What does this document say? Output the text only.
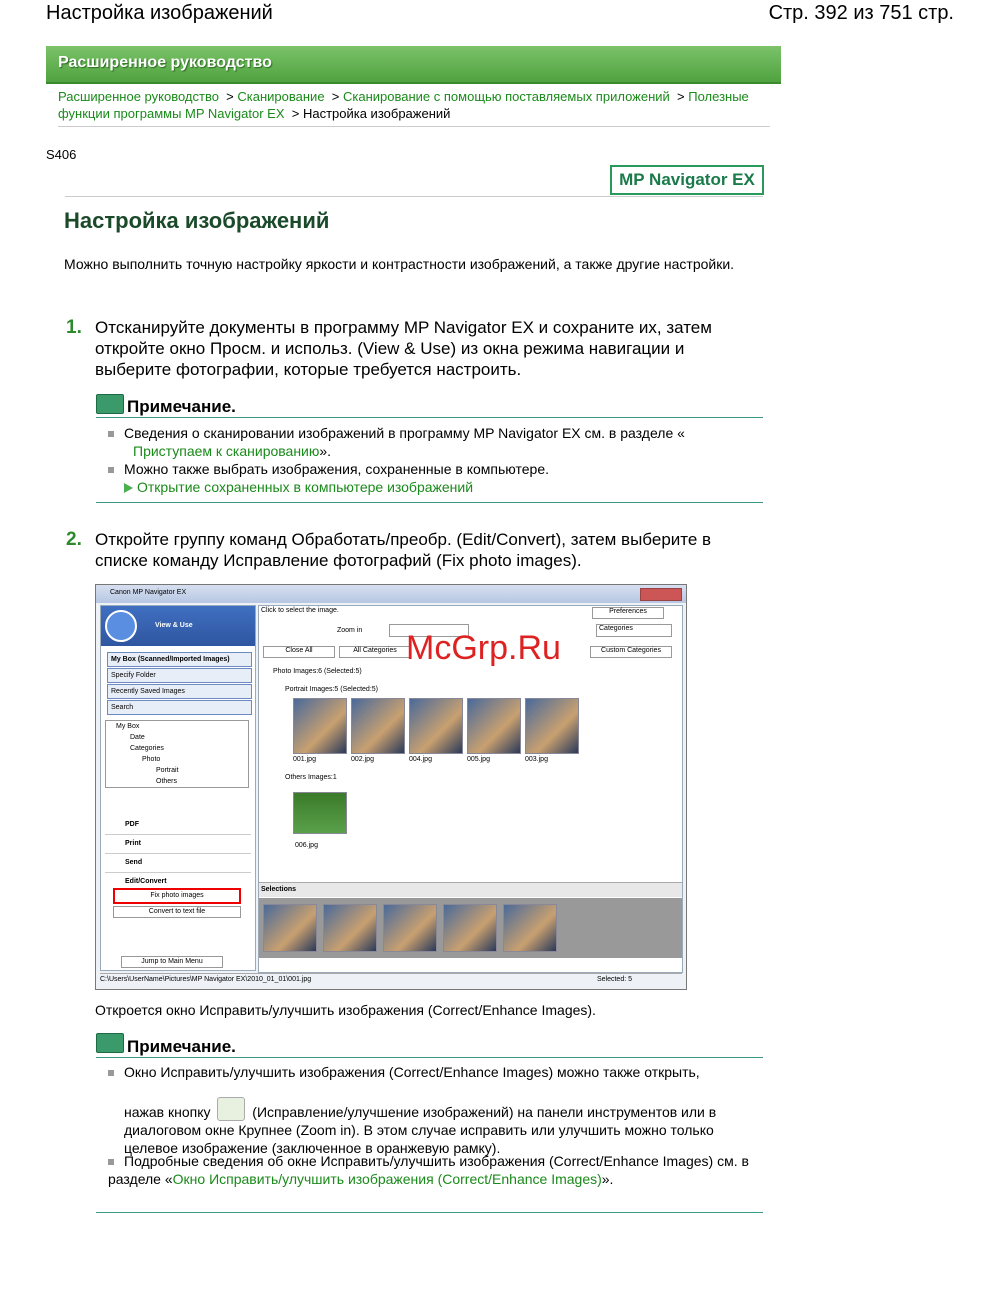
Настройка изображений	Стр. 392 из 751 стр.
Расширенное руководство
Расширенное руководство  > Сканирование  > Сканирование с помощью поставляемых приложений  > Полезные функции программы MP Navigator EX  > Настройка изображений
S406
MP Navigator EX
Настройка изображений
Можно выполнить точную настройку яркости и контрастности изображений, а также другие настройки.
1. Отсканируйте документы в программу MP Navigator EX и сохраните их, затем откройте окно Просм. и использ. (View & Use) из окна режима навигации и выберите фотографии, которые требуется настроить.
Примечание.
Сведения о сканировании изображений в программу MP Navigator EX см. в разделе «
Приступаем к сканированию».
Можно также выбрать изображения, сохраненные в компьютере.
Открытие сохраненных в компьютере изображений
2. Откройте группу команд Обработать/преобр. (Edit/Convert), затем выберите в списке команду Исправление фотографий (Fix photo images).
Canon MP Navigator EX
View & Use
My Box (Scanned/Imported Images)
Specify Folder
Recently Saved Images
Search
My Box
Date
Categories
Photo
Portrait
Others
PDF
Print
Send
Edit/Convert
Fix photo images
Convert to text file
Jump to Main Menu
Click to select the image.	Preferences
Zoom in	Categories
Close All	All Categories	Custom Categories
Photo Images:6 (Selected:5)
Portrait Images:5 (Selected:5)
001.jpg	002.jpg	004.jpg	005.jpg	003.jpg
Others Images:1
006.jpg
Selections
C:\Users\UserName\Pictures\MP Navigator EX\2010_01_01\001.jpg	Selected: 5
McGrp.Ru
Откроется окно Исправить/улучшить изображения (Correct/Enhance Images).
Примечание.
Окно Исправить/улучшить изображения (Correct/Enhance Images) можно также открыть,
нажав кнопку	(Исправление/улучшение изображений) на панели инструментов или в диалоговом окне Крупнее (Zoom in). В этом случае исправить или улучшить можно только целевое изображение (заключенное в оранжевую рамку).
Подробные сведения об окне Исправить/улучшить изображения (Correct/Enhance Images) см. в разделе «Окно Исправить/улучшить изображения (Correct/Enhance Images)».
